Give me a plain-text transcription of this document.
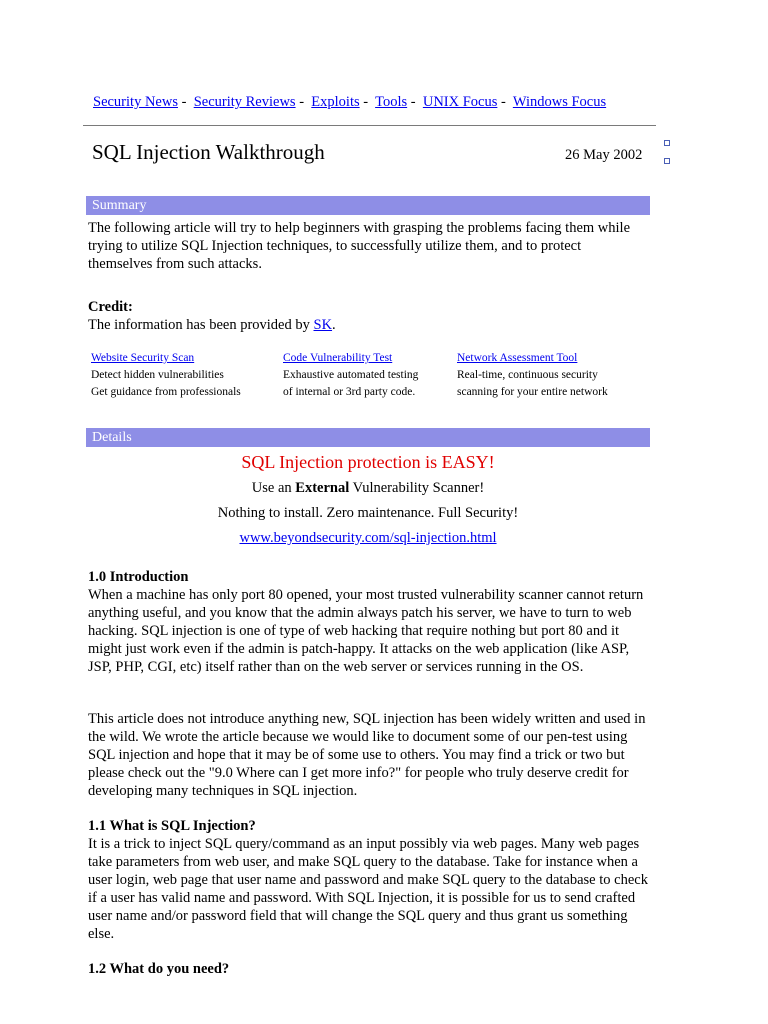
Security News - Security Reviews - Exploits - Tools - UNIX Focus - Windows Focus
SQL Injection Walkthrough	26 May 2002
Summary

The following article will try to help beginners with grasping the problems facing them while trying to utilize SQL Injection techniques, to successfully utilize them, and to protect themselves from such attacks.

Credit:

The information has been provided by SK.

Website Security Scan
Detect hidden vulnerabilities
Get guidance from professionals
Code Vulnerability Test
Exhaustive automated testing
of internal or 3rd party code.
Network Assessment Tool
Real-time, continuous security
scanning for your entire network
Details
SQL Injection protection is EASY!
Use an External Vulnerability Scanner!
Nothing to install. Zero maintenance. Full Security!
www.beyondsecurity.com/sql-injection.html
1.0 Introduction

When a machine has only port 80 opened, your most trusted vulnerability scanner cannot return anything useful, and you know that the admin always patch his server, we have to turn to web hacking. SQL injection is one of type of web hacking that require nothing but port 80 and it might just work even if the admin is patch-happy. It attacks on the web application (like ASP, JSP, PHP, CGI, etc) itself rather than on the web server or services running in the OS.

This article does not introduce anything new, SQL injection has been widely written and used in the wild. We wrote the article because we would like to document some of our pen-test using SQL injection and hope that it may be of some use to others. You may find a trick or two but please check out the "9.0 Where can I get more info?" for people who truly deserve credit for developing many techniques in SQL injection.

1.1 What is SQL Injection?

It is a trick to inject SQL query/command as an input possibly via web pages. Many web pages take parameters from web user, and make SQL query to the database. Take for instance when a user login, web page that user name and password and make SQL query to the database to check if a user has valid name and password. With SQL Injection, it is possible for us to send crafted user name and/or password field that will change the SQL query and thus grant us something else.

1.2 What do you need?
